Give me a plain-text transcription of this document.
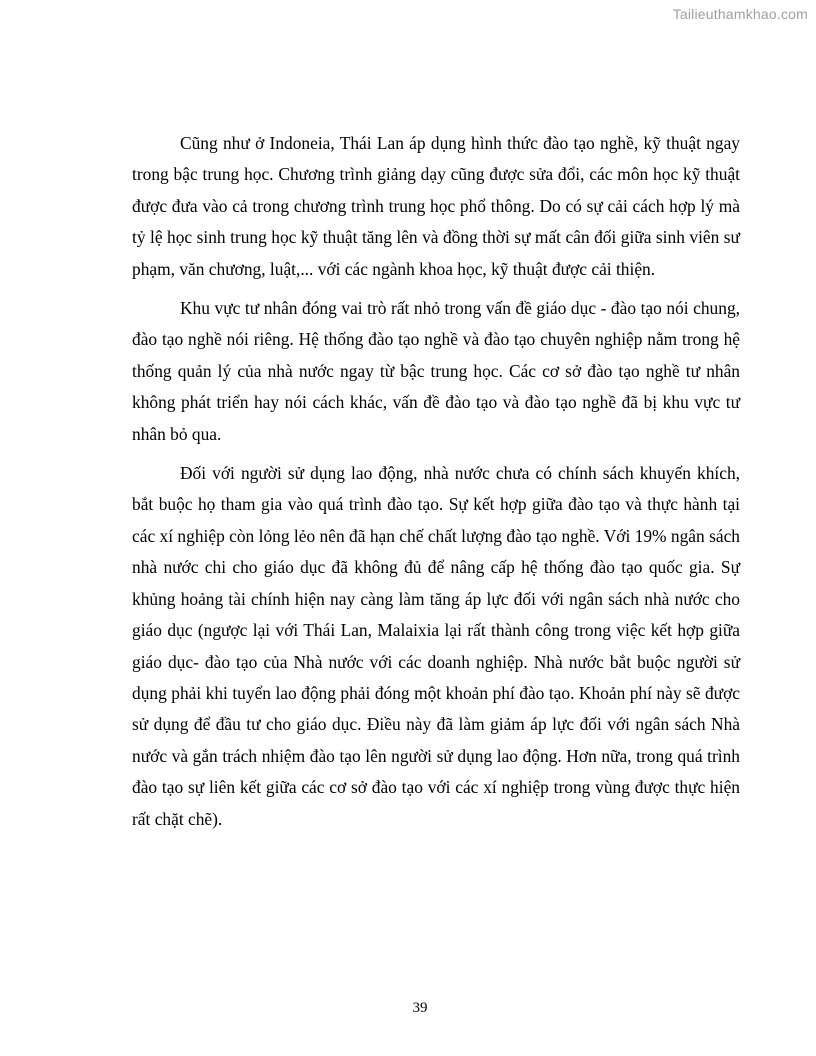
Tailieuthamkhao.com

Cũng như ở Indoneia, Thái Lan áp dụng hình thức đào tạo nghề, kỹ thuật ngay trong bậc trung học. Chương trình giảng dạy cũng được sửa đổi, các môn học kỹ thuật được đưa vào cả trong chương trình trung học phổ thông. Do có sự cải cách hợp lý mà tỷ lệ học sinh trung học kỹ thuật tăng lên và đồng thời sự mất cân đối giữa sinh viên sư phạm, văn chương, luật,... với các ngành khoa học, kỹ thuật được cải thiện.

Khu vực tư nhân đóng vai trò rất nhỏ trong vấn đề giáo dục - đào tạo nói chung, đào tạo nghề nói riêng. Hệ thống đào tạo nghề và đào tạo chuyên nghiệp nằm trong hệ thống quản lý của nhà nước ngay từ bậc trung học. Các cơ sở đào tạo nghề tư nhân không phát triển hay nói cách khác, vấn đề đào tạo và đào tạo nghề đã bị khu vực tư nhân bỏ qua.

Đối với người sử dụng lao động, nhà nước chưa có chính sách khuyến khích, bắt buộc họ tham gia vào quá trình đào tạo. Sự kết hợp giữa đào tạo và thực hành tại các xí nghiệp còn lỏng lẻo nên đã hạn chế chất lượng đào tạo nghề. Với 19% ngân sách nhà nước chi cho giáo dục đã không đủ để nâng cấp hệ thống đào tạo quốc gia. Sự khủng hoảng tài chính hiện nay càng làm tăng áp lực đối với ngân sách nhà nước cho giáo dục (ngược lại với Thái Lan, Malaixia lại rất thành công trong việc kết hợp giữa giáo dục- đào tạo của Nhà nước với các doanh nghiệp. Nhà nước bắt buộc người sử dụng phải khi tuyển lao động phải đóng một khoản phí đào tạo. Khoản phí này sẽ được sử dụng để đầu tư cho giáo dục. Điều này đã làm giảm áp lực đối với ngân sách Nhà nước và gắn trách nhiệm đào tạo lên người sử dụng lao động. Hơn nữa, trong quá trình đào tạo sự liên kết giữa các cơ sở đào tạo với các xí nghiệp trong vùng được thực hiện rất chặt chẽ).

39
